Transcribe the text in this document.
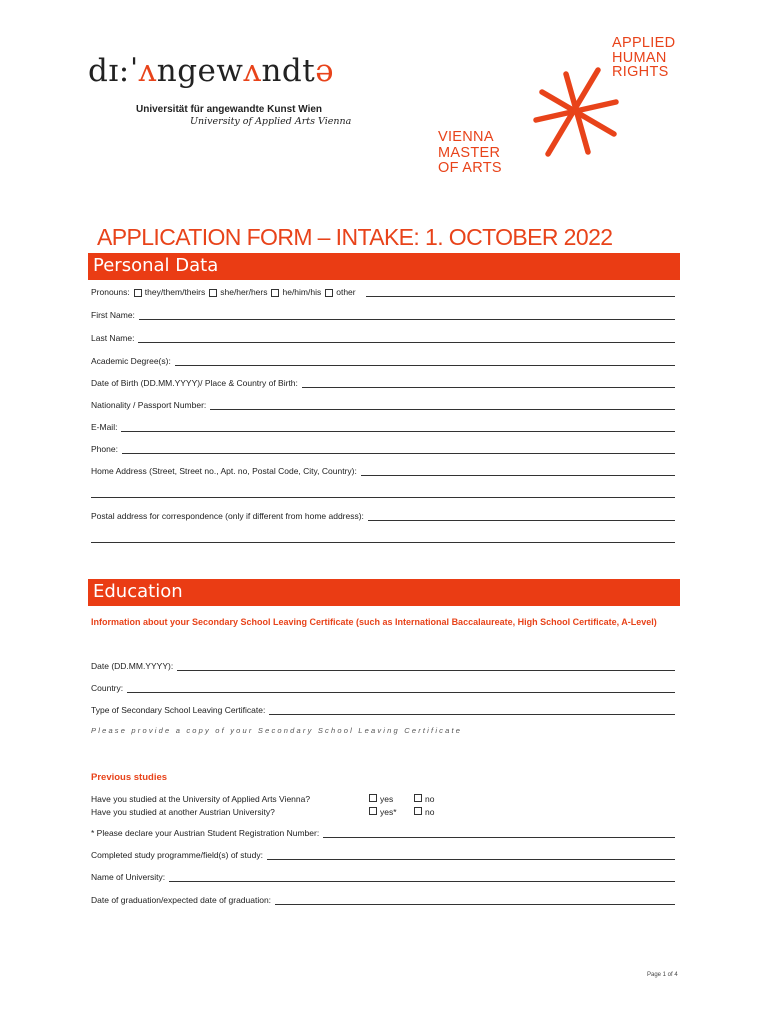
dɪ:ˈʌngewʌndtə
Universität für angewandte Kunst Wien
University of Applied Arts Vienna
APPLIED
HUMAN
RIGHTS
VIENNA
MASTER
OF ARTS
APPLICATION FORM – INTAKE: 1. OCTOBER 2022
Personal Data
Pronouns: they/them/theirs she/her/hers he/him/his other
First Name:
Last Name:
Academic Degree(s):
Date of Birth (DD.MM.YYYY)/ Place & Country of Birth:
Nationality / Passport Number:
E-Mail:
Phone:
Home Address (Street, Street no., Apt. no, Postal Code, City, Country):
Postal address for correspondence (only if different from home address):
Education
Information about your Secondary School Leaving Certificate (such as International Baccalaureate, High School Certificate, A-Level)
Date (DD.MM.YYYY):
Country:
Type of Secondary School Leaving Certificate:
Please provide a copy of your Secondary School Leaving Certificate
Previous studies
Have you studied at the University of Applied Arts Vienna?
Have you studied at another Austrian University?
yes	no
yes*	no
* Please declare your Austrian Student Registration Number:
Completed study programme/field(s) of study:
Name of University:
Date of graduation/expected date of graduation:
Page 1 of 4
